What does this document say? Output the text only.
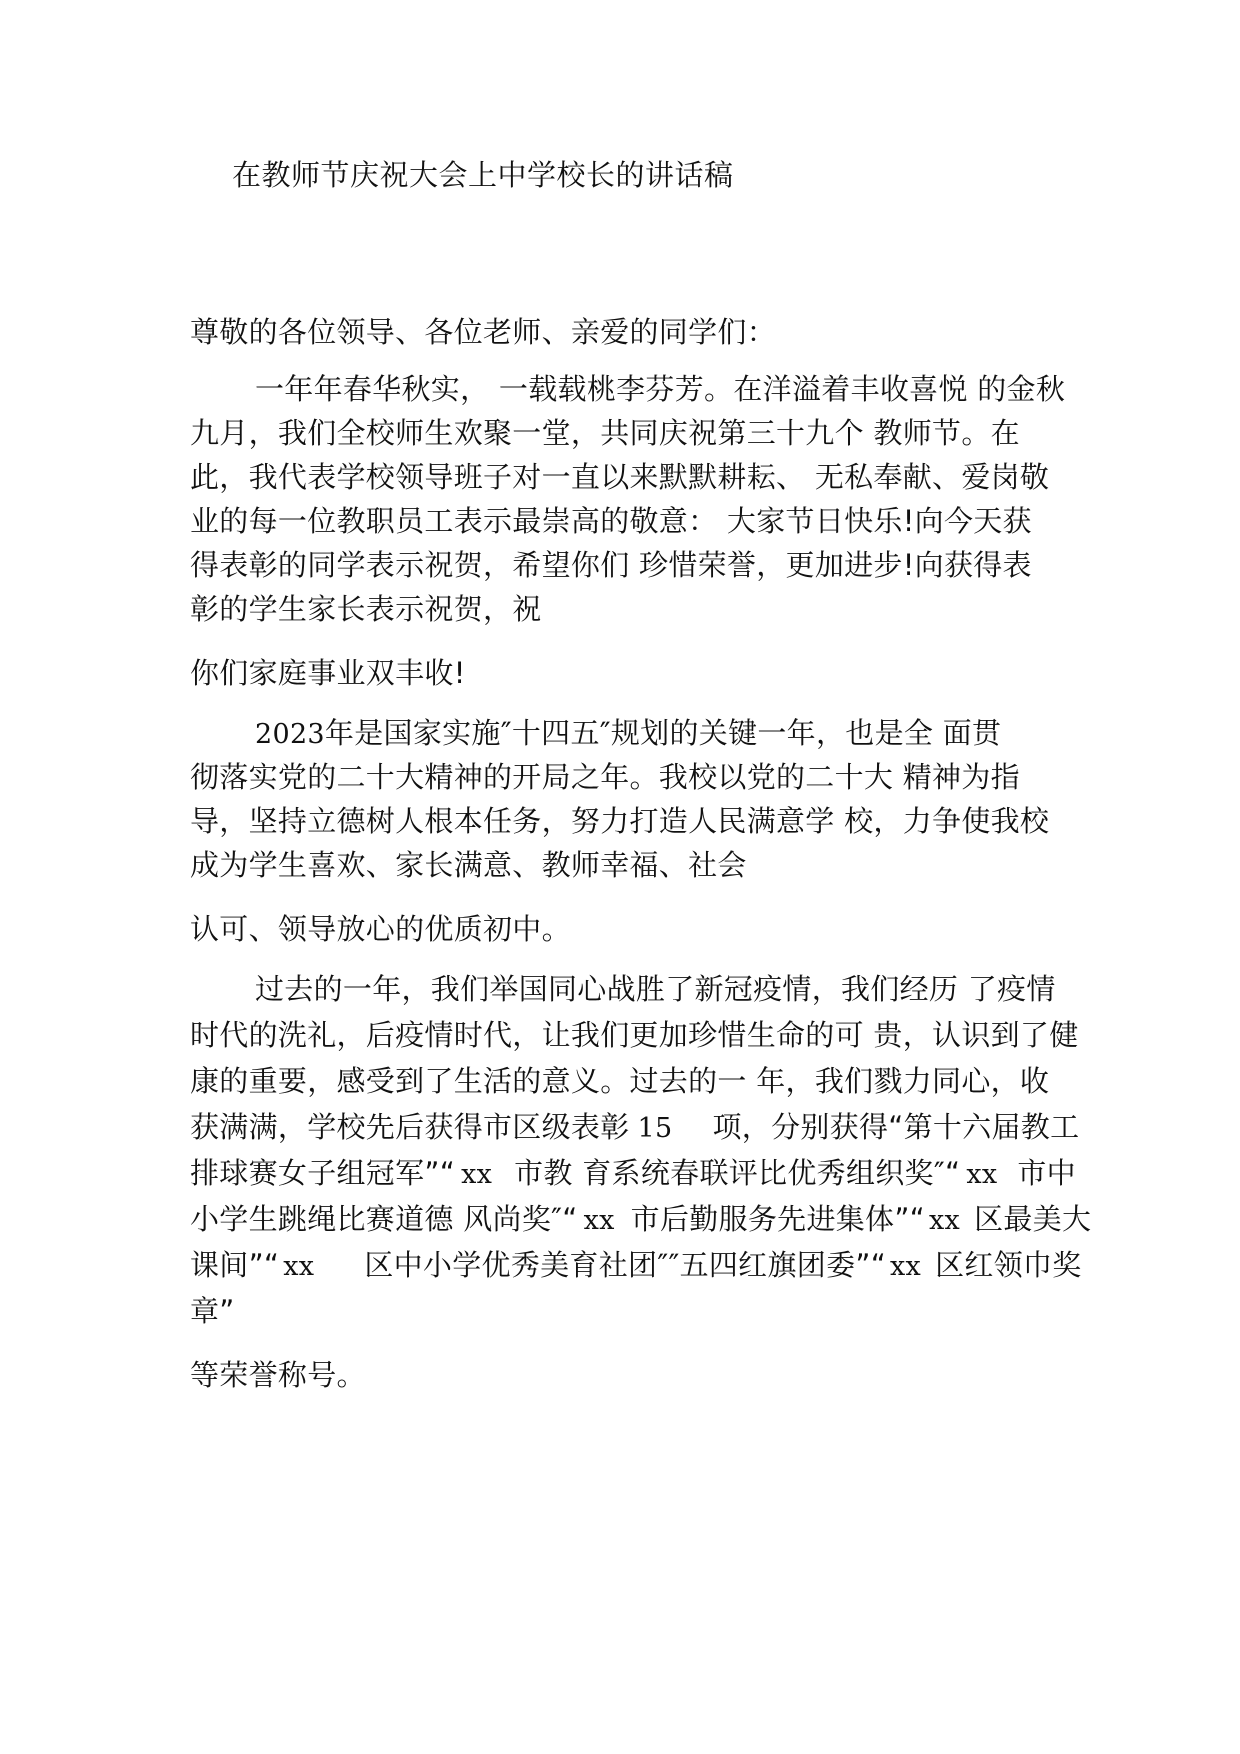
在教师节庆祝大会上中学校长的讲话稿
尊敬的各位领导、各位老师、亲爱的同学们：
一年年春华秋实， 一载载桃李芬芳。在洋溢着丰收喜悦 的金秋
九月，我们全校师生欢聚一堂，共同庆祝第三十九个 教师节。在
此，我代表学校领导班子对一直以来默默耕耘、 无私奉献、爱岗敬
业的每一位教职员工表示最崇高的敬意： 大家节日快乐!向今天获
得表彰的同学表示祝贺，希望你们 珍惜荣誉，更加进步!向获得表
彰的学生家长表示祝贺，祝
你们家庭事业双丰收!
2023年是国家实施″十四五″规划的关键一年，也是全 面贯
彻落实党的二十大精神的开局之年。我校以党的二十大 精神为指
导，坚持立德树人根本任务，努力打造人民满意学 校，力争使我校
成为学生喜欢、家长满意、教师幸福、社会
认可、领导放心的优质初中。
过去的一年，我们举国同心战胜了新冠疫情，我们经历 了疫情
时代的洗礼，后疫情时代，让我们更加珍惜生命的可 贵，认识到了健
康的重要，感受到了生活的意义。过去的一 年，我们戮力同心，收
获满满，学校先后获得市区级表彰 15 项，分别获得“第十六届教工
排球赛女子组冠军”“ xx 市教 育系统春联评比优秀组织奖″“ xx 市中
小学生跳绳比赛道德 风尚奖″“ xx 市后勤服务先进集体”“ xx 区最美大
课间”“ xx 区中小学优秀美育社团″″五四红旗团委”“ xx 区红领巾奖
章”
等荣誉称号。
